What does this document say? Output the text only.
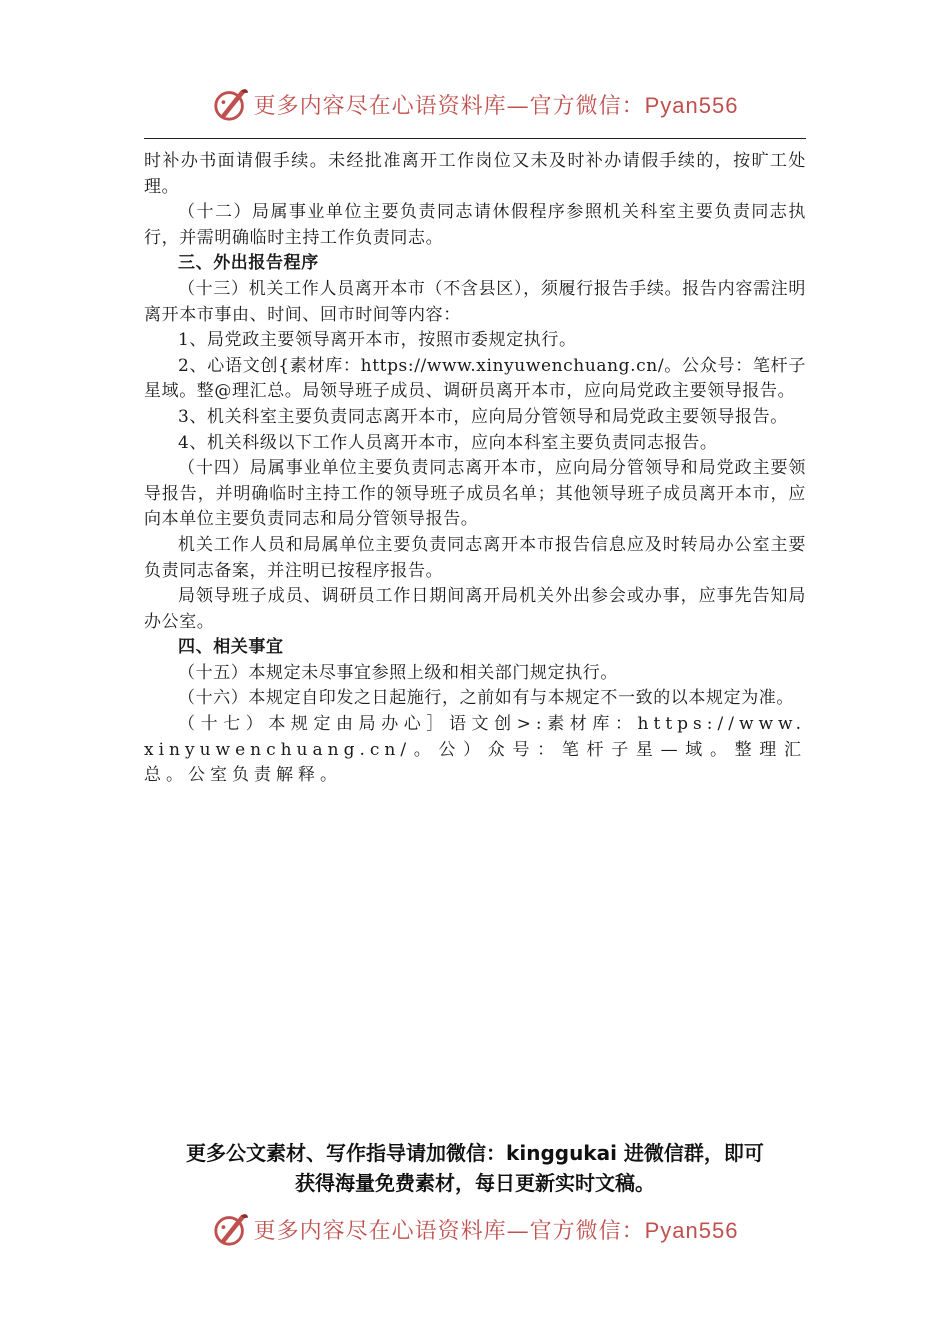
更多内容尽在心语资料库—官方微信：Pyan556

时补办书面请假手续。未经批准离开工作岗位又未及时补办请假手续的，按旷工处理。

（十二）局属事业单位主要负责同志请休假程序参照机关科室主要负责同志执行，并需明确临时主持工作负责同志。

三、外出报告程序

（十三）机关工作人员离开本市（不含县区），须履行报告手续。报告内容需注明离开本市事由、时间、回市时间等内容：

1、局党政主要领导离开本市，按照市委规定执行。

2、心语文创{素材库：https://www.xinyuwenchuang.cn/。公众号：笔杆子星域。整@理汇总。局领导班子成员、调研员离开本市，应向局党政主要领导报告。

3、机关科室主要负责同志离开本市，应向局分管领导和局党政主要领导报告。

4、机关科级以下工作人员离开本市，应向本科室主要负责同志报告。

（十四）局属事业单位主要负责同志离开本市，应向局分管领导和局党政主要领导报告，并明确临时主持工作的领导班子成员名单；其他领导班子成员离开本市，应向本单位主要负责同志和局分管领导报告。

机关工作人员和局属单位主要负责同志离开本市报告信息应及时转局办公室主要负责同志备案，并注明已按程序报告。

局领导班子成员、调研员工作日期间离开局机关外出参会或办事，应事先告知局办公室。

四、相关事宜

（十五）本规定未尽事宜参照上级和相关部门规定执行。

（十六）本规定自印发之日起施行，之前如有与本规定不一致的以本规定为准。

（十七）本规定由局办心］语文创>:素材库：https://www.xinyuwenchuang.cn/。公）众号：笔杆子星—域。整理汇总。公室负责解释。

更多公文素材、写作指导请加微信：kinggukai 进微信群，即可
获得海量免费素材，每日更新实时文稿。
更多内容尽在心语资料库—官方微信：Pyan556
